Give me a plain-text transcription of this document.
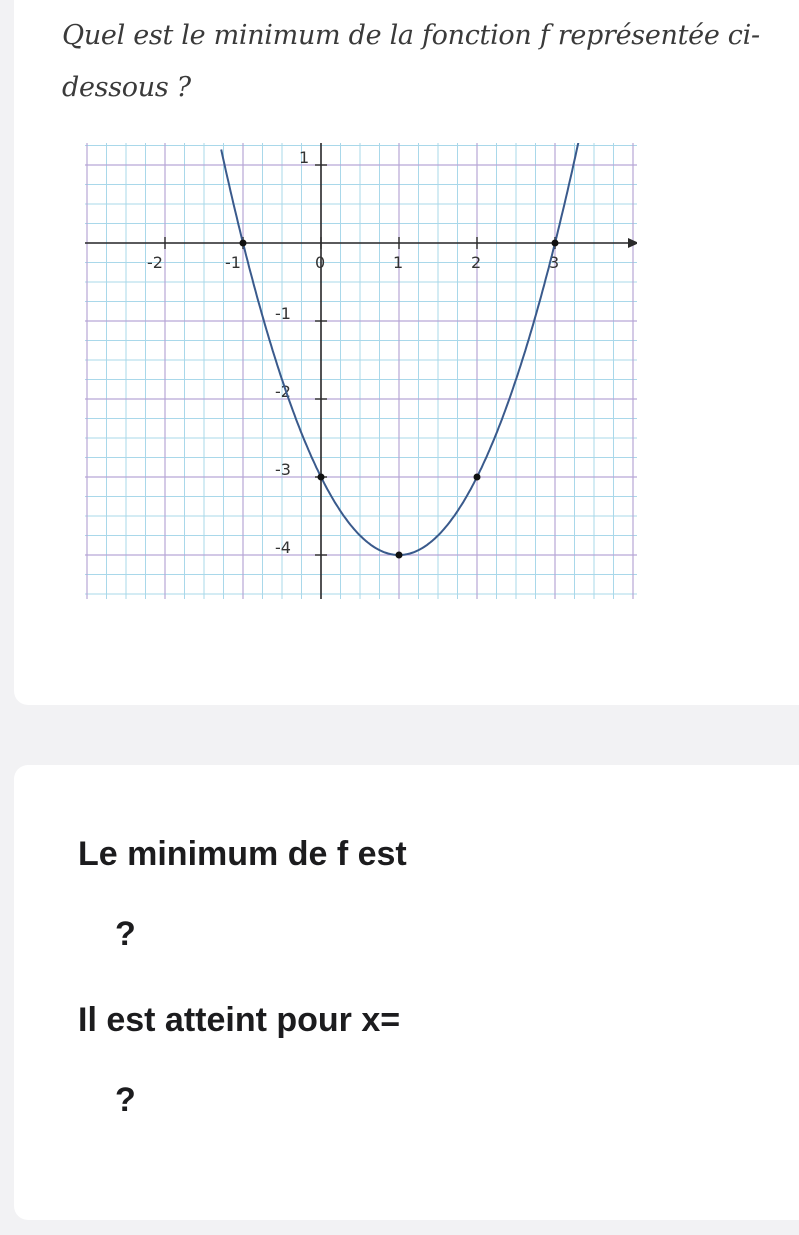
Quel est le minimum de la fonction f représentée ci-dessous ?

-2	-1	0	1	2	3
1
-1
-2
-3
-4

Le minimum de f est

?

Il est atteint pour x=

?
